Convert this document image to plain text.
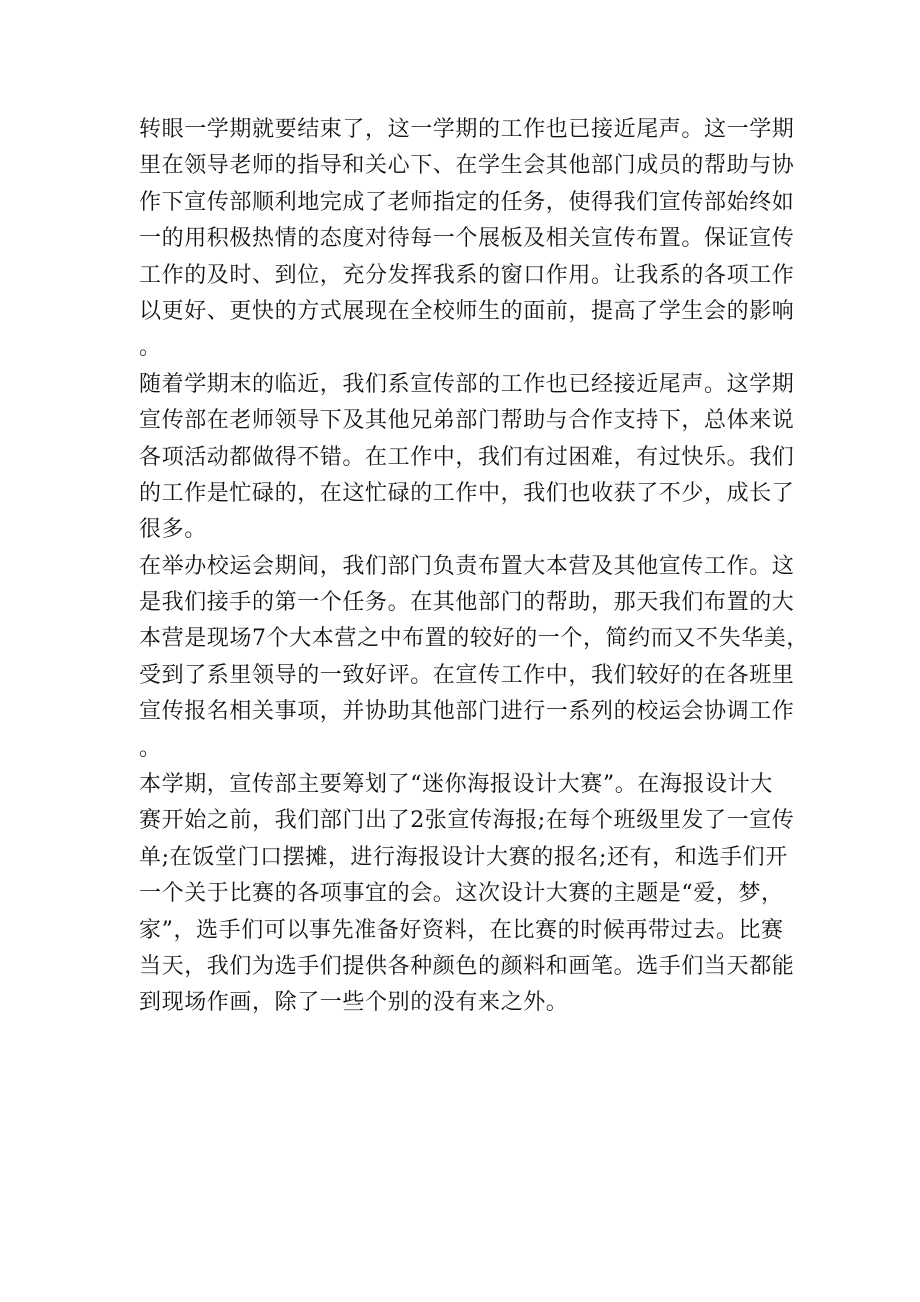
转眼一学期就要结束了，这一学期的工作也已接近尾声。这一学期
里在领导老师的指导和关心下、在学生会其他部门成员的帮助与协
作下宣传部顺利地完成了老师指定的任务，使得我们宣传部始终如
一的用积极热情的态度对待每一个展板及相关宣传布置。保证宣传
工作的及时、到位，充分发挥我系的窗口作用。让我系的各项工作
以更好、更快的方式展现在全校师生的面前，提高了学生会的影响
。
随着学期末的临近，我们系宣传部的工作也已经接近尾声。这学期
宣传部在老师领导下及其他兄弟部门帮助与合作支持下，总体来说
各项活动都做得不错。在工作中，我们有过困难，有过快乐。我们
的工作是忙碌的，在这忙碌的工作中，我们也收获了不少，成长了
很多。
在举办校运会期间，我们部门负责布置大本营及其他宣传工作。这
是我们接手的第一个任务。在其他部门的帮助，那天我们布置的大
本营是现场7个大本营之中布置的较好的一个，简约而又不失华美，
受到了系里领导的一致好评。在宣传工作中，我们较好的在各班里
宣传报名相关事项，并协助其他部门进行一系列的校运会协调工作
。
本学期，宣传部主要筹划了“迷你海报设计大赛”。在海报设计大
赛开始之前，我们部门出了2张宣传海报;在每个班级里发了一宣传
单;在饭堂门口摆摊，进行海报设计大赛的报名;还有，和选手们开
一个关于比赛的各项事宜的会。这次设计大赛的主题是“爱，梦，
家”，选手们可以事先准备好资料，在比赛的时候再带过去。比赛
当天，我们为选手们提供各种颜色的颜料和画笔。选手们当天都能
到现场作画，除了一些个别的没有来之外。
